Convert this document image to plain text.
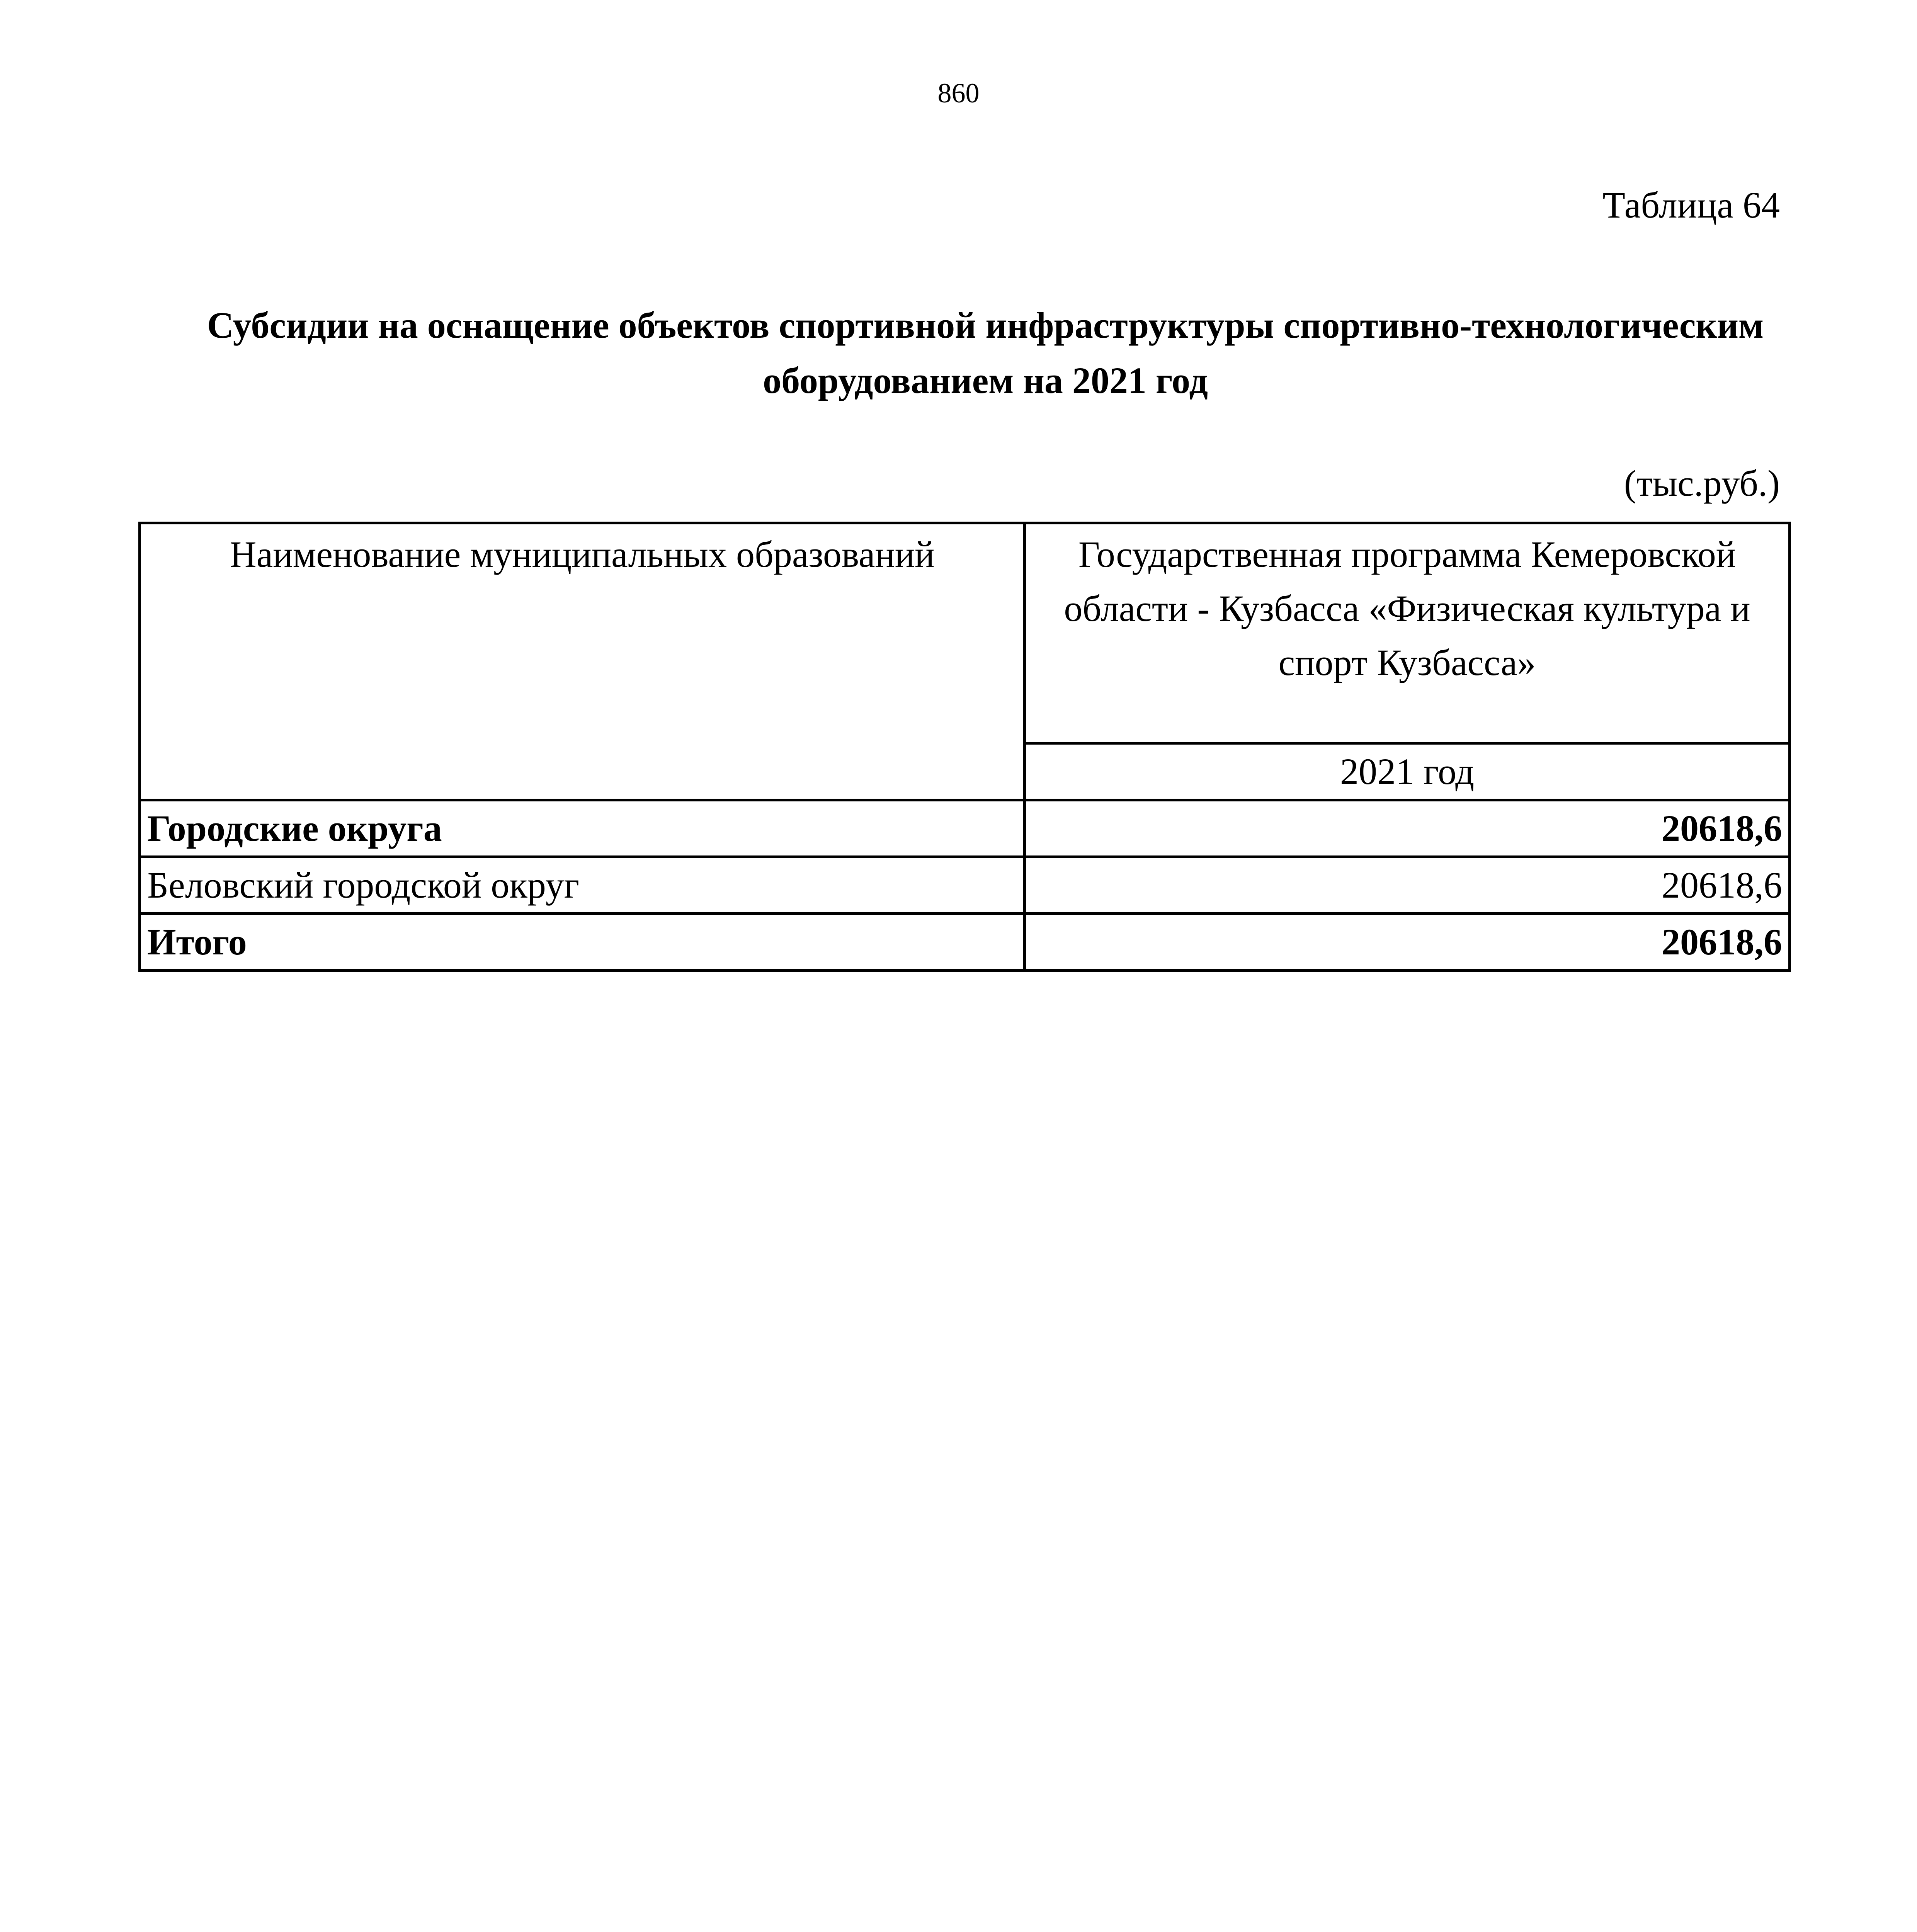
860
Таблица 64
Субсидии на оснащение объектов спортивной инфраструктуры спортивно-технологическим оборудованием на 2021 год
(тыс.руб.)
Наименование муниципальных образований	Государственная программа Кемеровской области - Кузбасса «Физическая культура и спорт Кузбасса»
	2021 год
Городские округа	20618,6
Беловский городской округ	20618,6
Итого	20618,6
